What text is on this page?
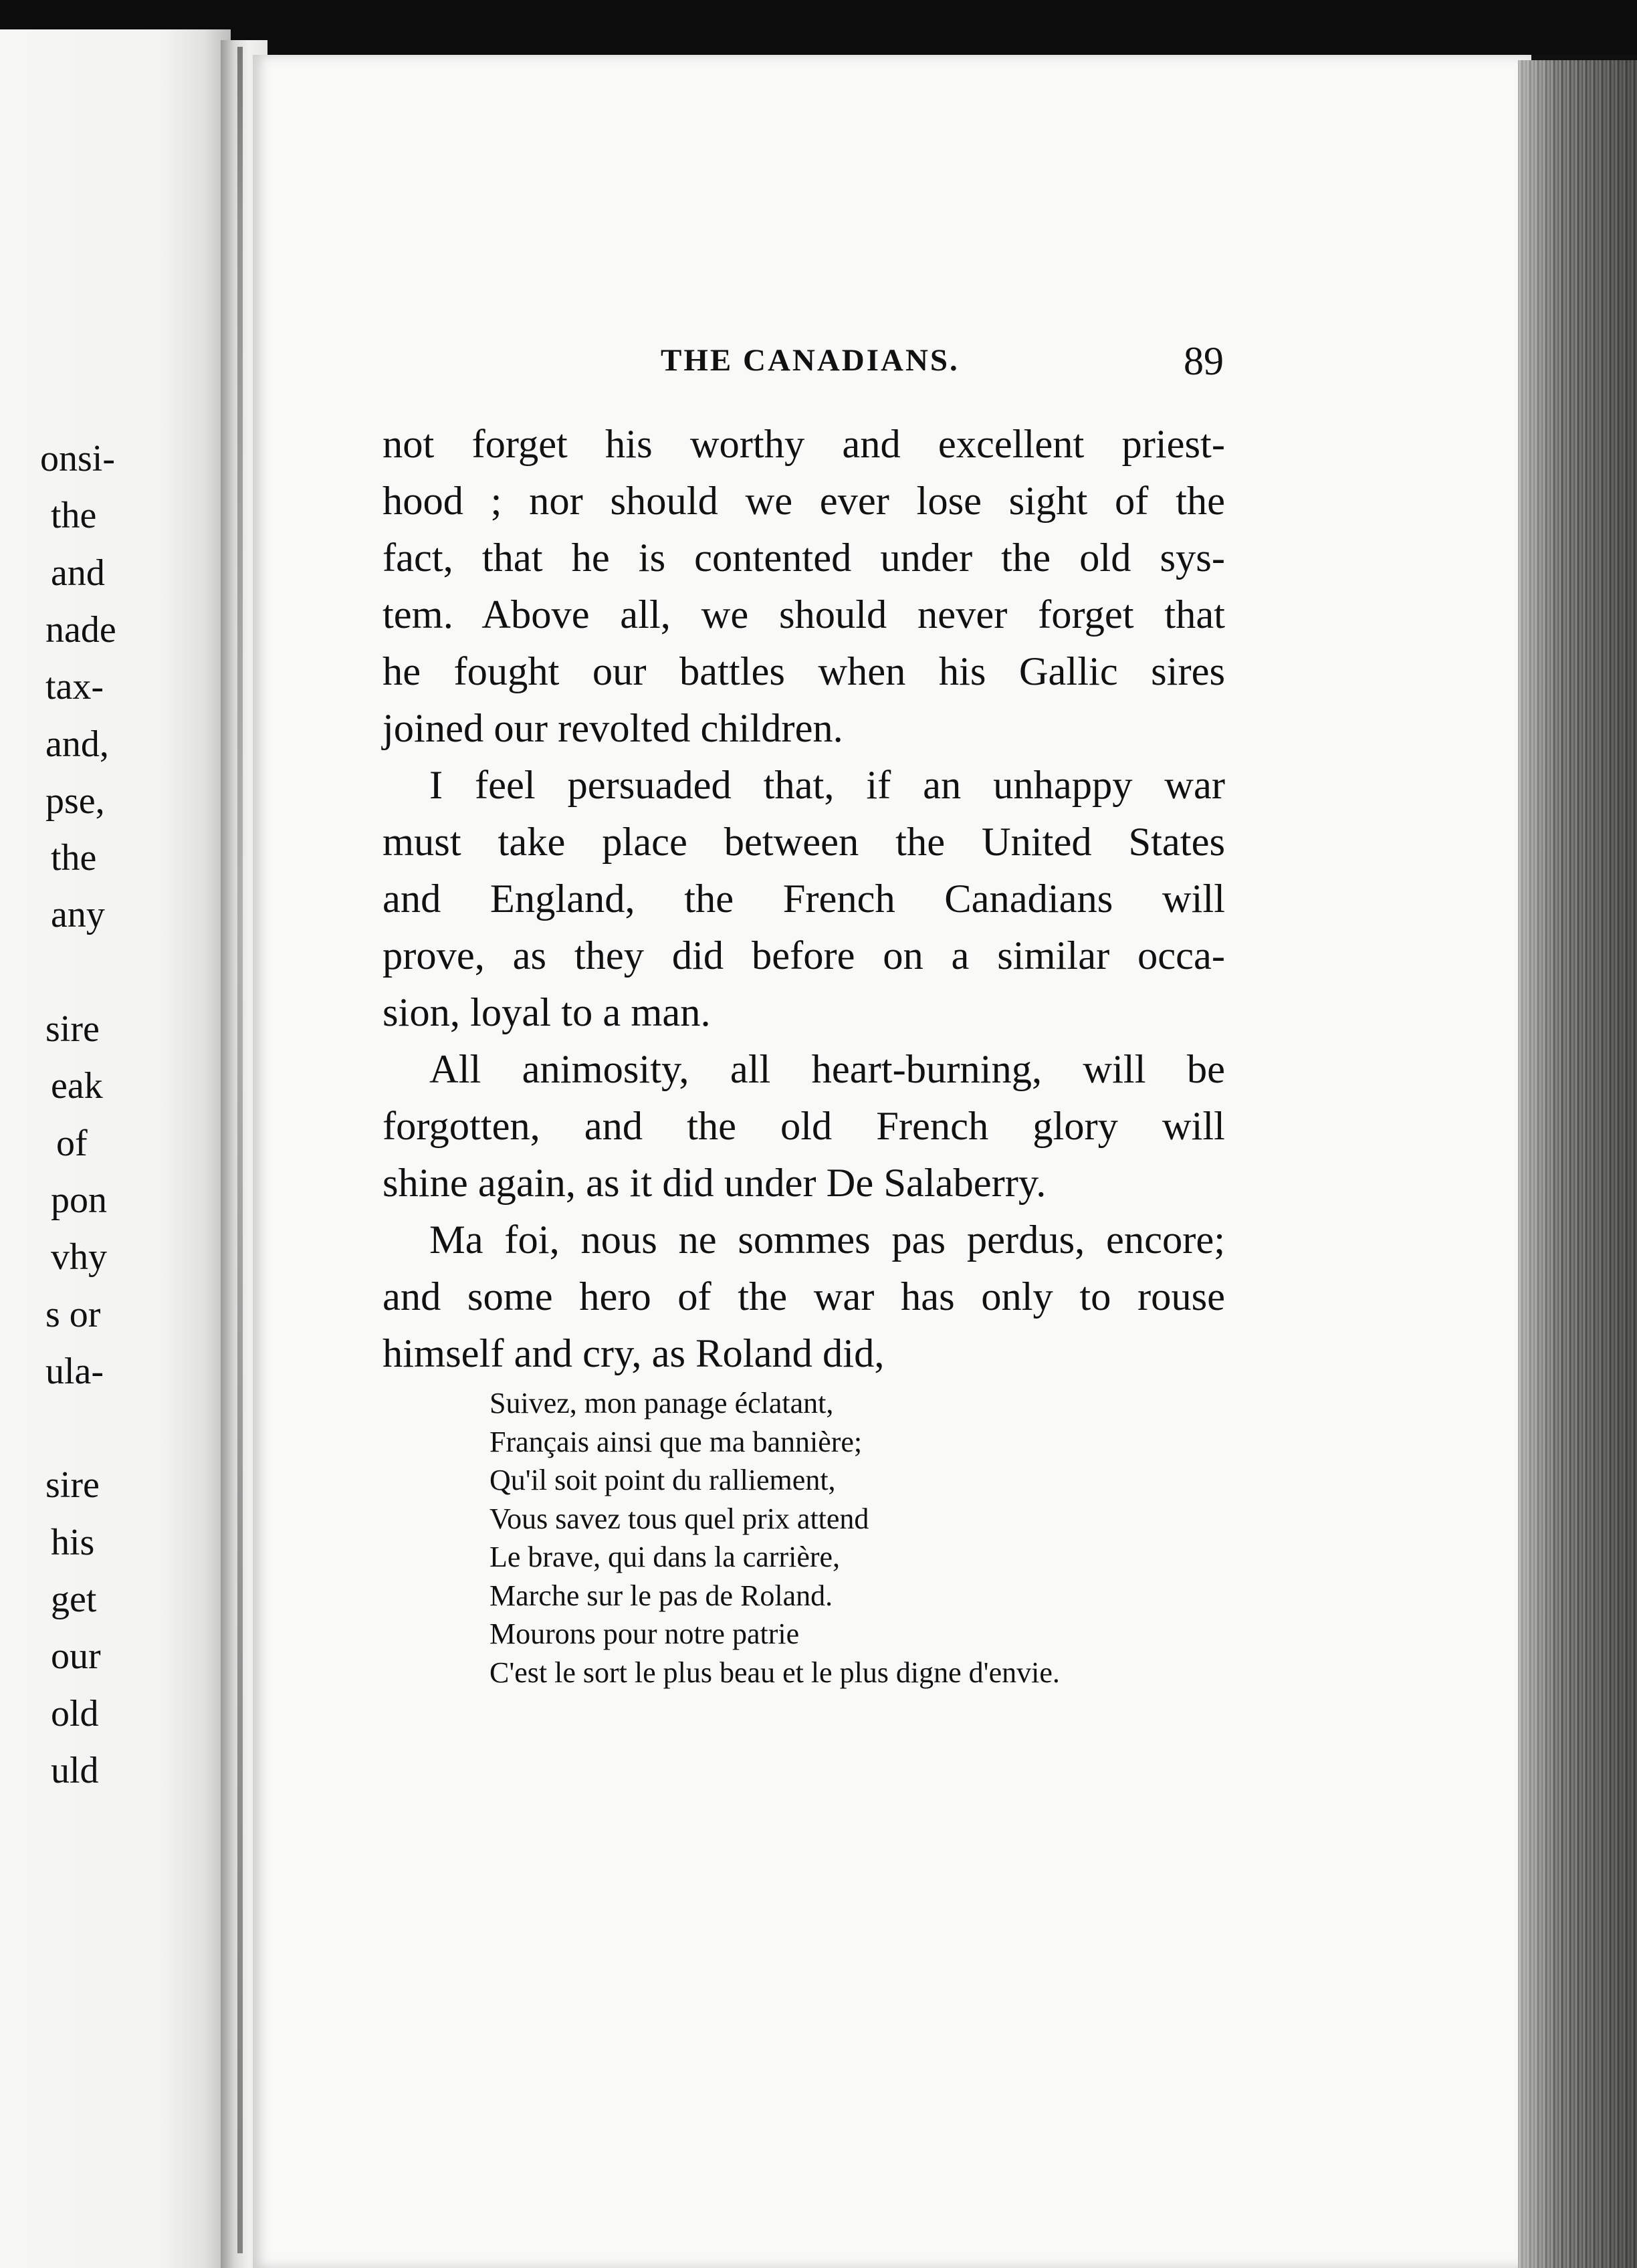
onsi-
the
and
nade
tax-
and,
pse,
the
any
sire
eak
of
pon
vhy
s or
ula-
sire
his
get
our
old
uld
THE CANADIANS.	89
not forget his worthy and excellent priest-
hood ; nor should we ever lose sight of the
fact, that he is contented under the old sys-
tem. Above all, we should never forget that
he fought our battles when his Gallic sires
joined our revolted children.
I feel persuaded that, if an unhappy war
must take place between the United States
and England, the French Canadians will
prove, as they did before on a similar occa-
sion, loyal to a man.
All animosity, all heart-burning, will be
forgotten, and the old French glory will
shine again, as it did under De Salaberry.
Ma foi, nous ne sommes pas perdus, encore;
and some hero of the war has only to rouse
himself and cry, as Roland did,
Suivez, mon panage éclatant,
Français ainsi que ma bannière;
Qu'il soit point du ralliement,
Vous savez tous quel prix attend
Le brave, qui dans la carrière,
Marche sur le pas de Roland.
Mourons pour notre patrie
C'est le sort le plus beau et le plus digne d'envie.
